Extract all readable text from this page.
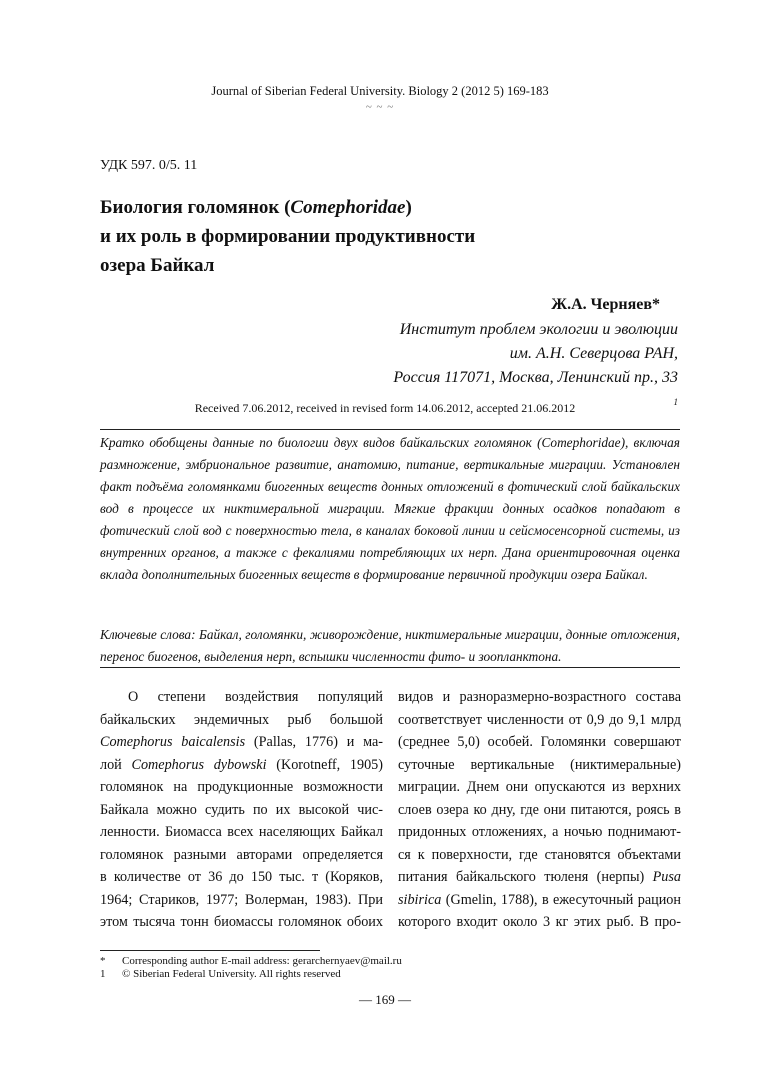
Journal of Siberian Federal University. Biology 2 (2012 5) 169-183
~ ~ ~
УДК 597. 0/5. 11
Биология голомянок (Comephoridae)
и их роль в формировании продуктивности
озера Байкал
Ж.А. Черняев*
Институт проблем экологии и эволюции
им. А.Н. Северцова РАН,
Россия 117071, Москва, Ленинский пр., 33
$^1$
Received 7.06.2012, received in revised form 14.06.2012, accepted 21.06.2012
Кратко обобщены данные по биологии двух видов байкальских голомянок (Comephoridae), включая размножение, эмбриональное развитие, анатомию, питание, вертикальные миграции. Установлен факт подъёма голомянками биогенных веществ донных отложений в фотический слой байкальских вод в процессе их никтимеральной миграции. Мягкие фракции донных осадков попадают в фотический слой вод с поверхностью тела, в каналах боковой линии и сейсмосенсорной системы, из внутренних органов, а также с фекалиями потребляющих их нерп. Дана ориентировочная оценка вклада дополнительных биогенных веществ в формирование первичной продукции озера Байкал.
Ключевые слова: Байкал, голомянки, живорождение, никтимеральные миграции, донные отложения, перенос биогенов, выделения нерп, вспышки численности фито- и зоопланктона.
О степени воздействия популяций
байкальских эндемичных рыб большой
Comephorus baicalensis (Pallas, 1776) и ма-
лой Comephorus dybowski (Korotneff, 1905)
голомянок на продукционные возможности
Байкала можно судить по их высокой чис-
ленности. Биомасса всех населяющих Байкал
голомянок разными авторами определяется
в количестве от 36 до 150 тыс. т (Коряков,
1964; Стариков, 1977; Волерман, 1983). При
этом тысяча тонн биомассы голомянок обоих
видов и разноразмерно-возрастного состава
соответствует численности от 0,9 до 9,1 млрд
(среднее 5,0) особей. Голомянки совершают
суточные вертикальные (никтимеральные)
миграции. Днем они опускаются из верхних
слоев озера ко дну, где они питаются, роясь в
придонных отложениях, а ночью поднимают-
ся к поверхности, где становятся объектами
питания байкальского тюленя (нерпы) Pusa
sibirica (Gmelin, 1788), в ежесуточный рацион
которого входит около 3 кг этих рыб. В про-
* Corresponding author E-mail address: gerarchernyaev@mail.ru
1 © Siberian Federal University. All rights reserved
— 169 —
